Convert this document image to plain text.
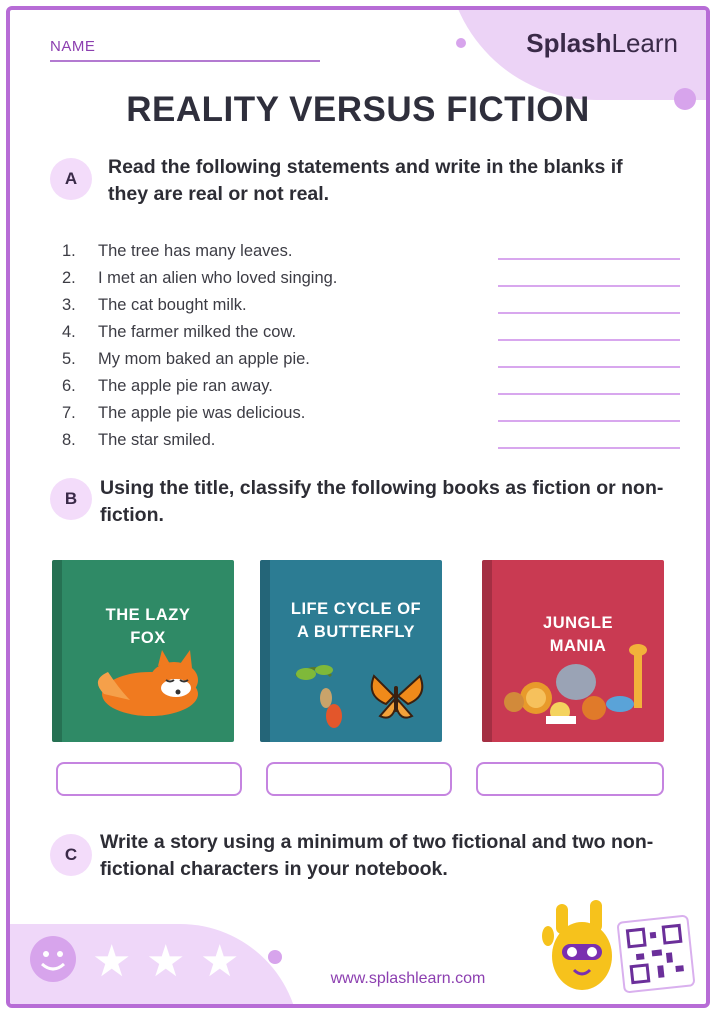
NAME	SplashLearn
REALITY VERSUS FICTION
A
Read the following statements and write in the blanks if they are real or not real.
1. The tree has many leaves.
2. I met an alien who loved singing.
3. The cat bought milk.
4. The farmer milked the cow.
5. My mom baked an apple pie.
6. The apple pie ran away.
7. The apple pie was delicious.
8. The star smiled.
B	Using the title, classify the following books as fiction or non-fiction.
THE LAZY
FOX
LIFE CYCLE OF
A BUTTERFLY	JUNGLE
MANIA
C
Write a story using a minimum of two fictional and two non-fictional characters in your notebook.
★ ★ ★	www.splashlearn.com
